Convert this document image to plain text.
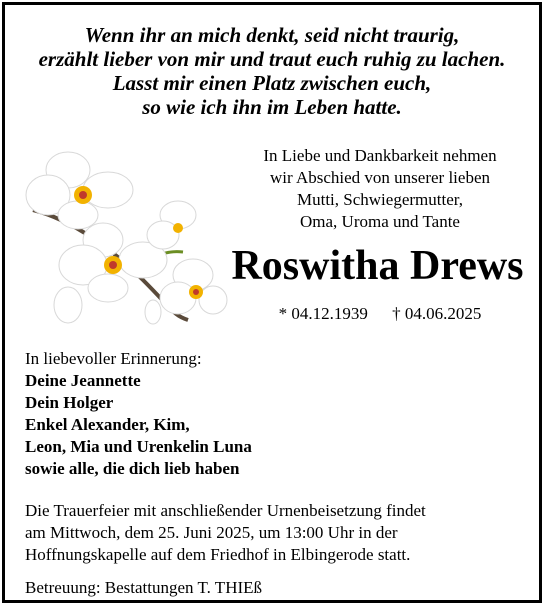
Wenn ihr an mich denkt, seid nicht traurig,
erzählt lieber von mir und traut euch ruhig zu lachen.
Lasst mir einen Platz zwischen euch,
so wie ich ihn im Leben hatte.
In Liebe und Dankbarkeit nehmen
wir Abschied von unserer lieben
Mutti, Schwiegermutter,
Oma, Uroma und Tante
Roswitha Drews
* 04.12.1939 † 04.06.2025
In liebevoller Erinnerung:
Deine Jeannette
Dein Holger
Enkel Alexander, Kim,
Leon, Mia und Urenkelin Luna
sowie alle, die dich lieb haben
Die Trauerfeier mit anschließender Urnenbeisetzung findet
am Mittwoch, dem 25. Juni 2025, um 13:00 Uhr in der
Hoffnungskapelle auf dem Friedhof in Elbingerode statt.
Betreuung: Bestattungen T. THIEß
